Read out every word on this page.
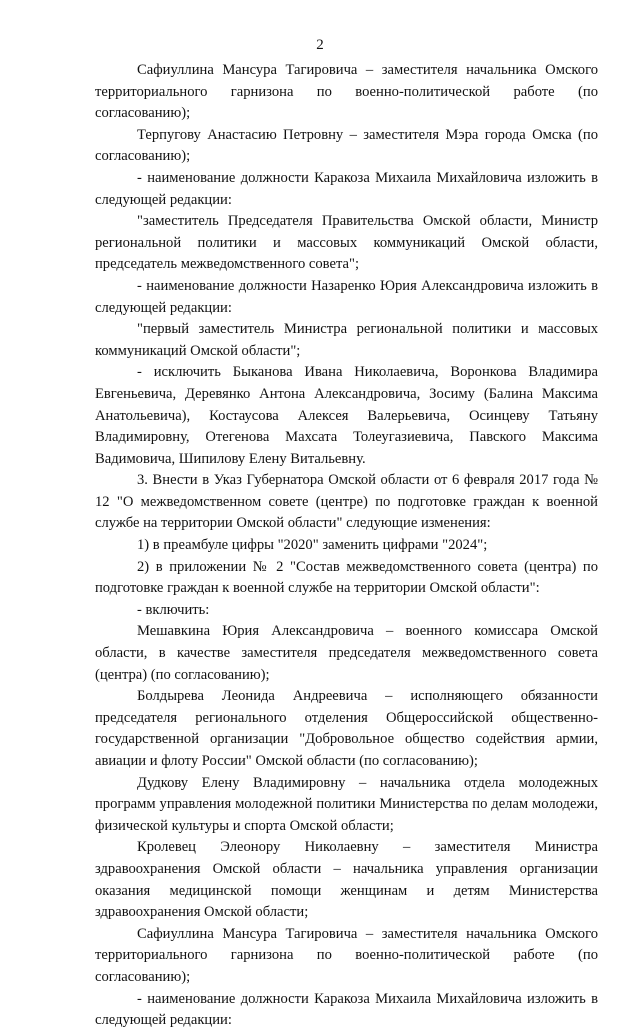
2

Сафиуллина Мансура Тагировича – заместителя начальника Омского территориального гарнизона по военно-политической работе (по согласованию);

Терпугову Анастасию Петровну – заместителя Мэра города Омска (по согласованию);

- наименование должности Каракоза Михаила Михайловича изложить в следующей редакции:

"заместитель Председателя Правительства Омской области, Министр региональной политики и массовых коммуникаций Омской области, председатель межведомственного совета";

- наименование должности Назаренко Юрия Александровича изложить в следующей редакции:

"первый заместитель Министра региональной политики и массовых коммуникаций Омской области";

- исключить Быканова Ивана Николаевича, Воронкова Владимира Евгеньевича, Деревянко Антона Александровича, Зосиму (Балина Максима Анатольевича), Костаусова Алексея Валерьевича, Осинцеву Татьяну Владимировну, Отегенова Махсата Толеугазиевича, Павского Максима Вадимовича, Шипилову Елену Витальевну.

3. Внести в Указ Губернатора Омской области от 6 февраля 2017 года № 12 "О межведомственном совете (центре) по подготовке граждан к военной службе на территории Омской области" следующие изменения:

1) в преамбуле цифры "2020" заменить цифрами "2024";

2) в приложении № 2 "Состав межведомственного совета (центра) по подготовке граждан к военной службе на территории Омской области":

- включить:

Мешавкина Юрия Александровича – военного комиссара Омской области, в качестве заместителя председателя межведомственного совета (центра) (по согласованию);

Болдырева Леонида Андреевича – исполняющего обязанности председателя регионального отделения Общероссийской общественно-государственной организации "Добровольное общество содействия армии, авиации и флоту России" Омской области (по согласованию);

Дудкову Елену Владимировну – начальника отдела молодежных программ управления молодежной политики Министерства по делам молодежи, физической культуры и спорта Омской области;

Кролевец Элеонору Николаевну – заместителя Министра здравоохранения Омской области – начальника управления организации оказания медицинской помощи женщинам и детям Министерства здравоохранения Омской области;

Сафиуллина Мансура Тагировича – заместителя начальника Омского территориального гарнизона по военно-политической работе (по согласованию);

- наименование должности Каракоза Михаила Михайловича изложить в следующей редакции:
